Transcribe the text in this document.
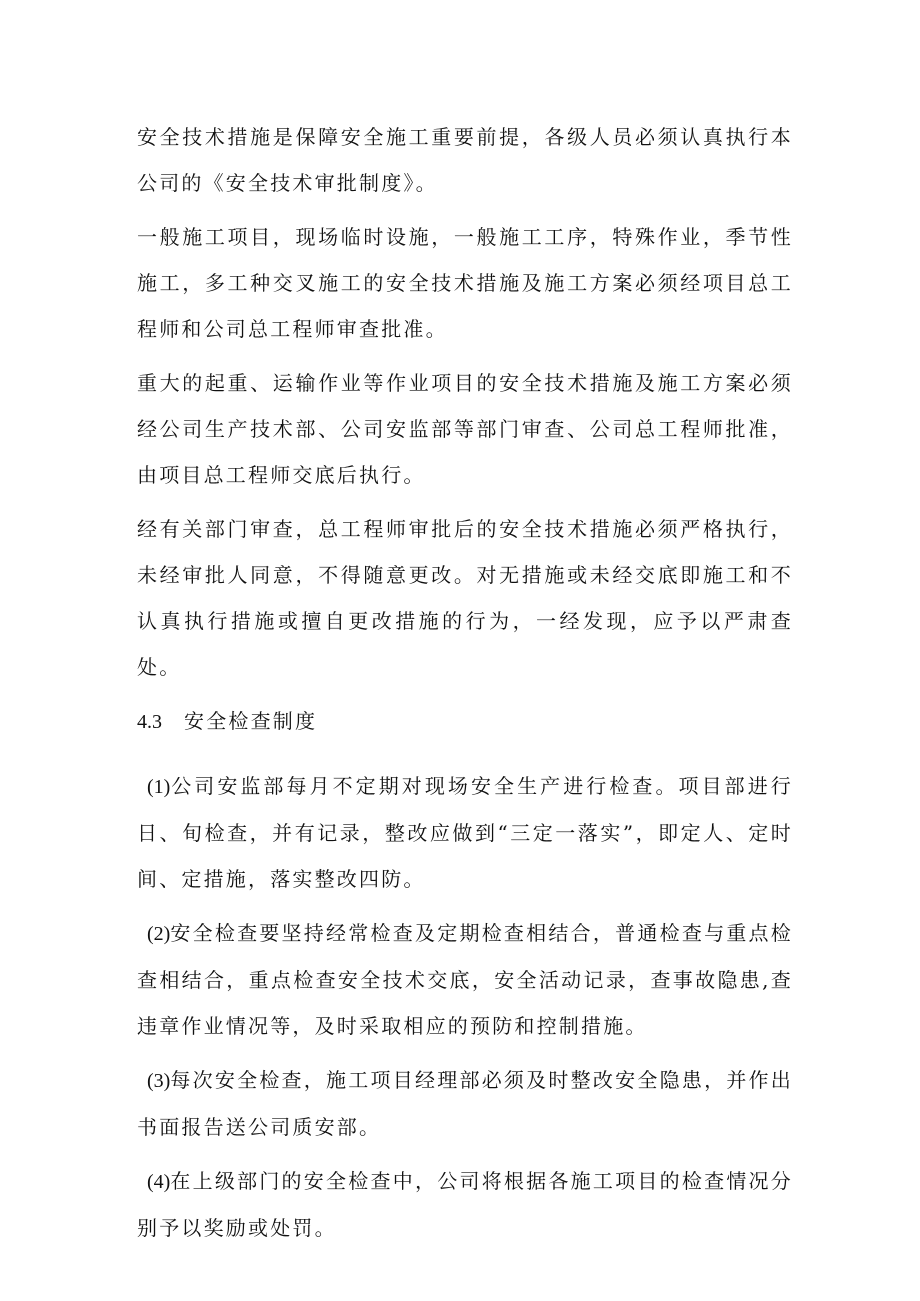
安全技术措施是保障安全施工重要前提，各级人员必须认真执行本公司的《安全技术审批制度》。

一般施工项目，现场临时设施，一般施工工序，特殊作业，季节性施工，多工种交叉施工的安全技术措施及施工方案必须经项目总工程师和公司总工程师审查批准。

重大的起重、运输作业等作业项目的安全技术措施及施工方案必须经公司生产技术部、公司安监部等部门审查、公司总工程师批准，由项目总工程师交底后执行。

经有关部门审查，总工程师审批后的安全技术措施必须严格执行，未经审批人同意，不得随意更改。对无措施或未经交底即施工和不认真执行措施或擅自更改措施的行为，一经发现，应予以严肃查处。

4.3 安全检查制度

(1)公司安监部每月不定期对现场安全生产进行检查。项目部进行日、旬检查，并有记录，整改应做到“三定一落实”，即定人、定时间、定措施，落实整改四防。

(2)安全检查要坚持经常检查及定期检查相结合，普通检查与重点检查相结合，重点检查安全技术交底，安全活动记录，查事故隐患,查违章作业情况等，及时采取相应的预防和控制措施。

(3)每次安全检查，施工项目经理部必须及时整改安全隐患，并作出书面报告送公司质安部。

(4)在上级部门的安全检查中，公司将根据各施工项目的检查情况分别予以奖励或处罚。
